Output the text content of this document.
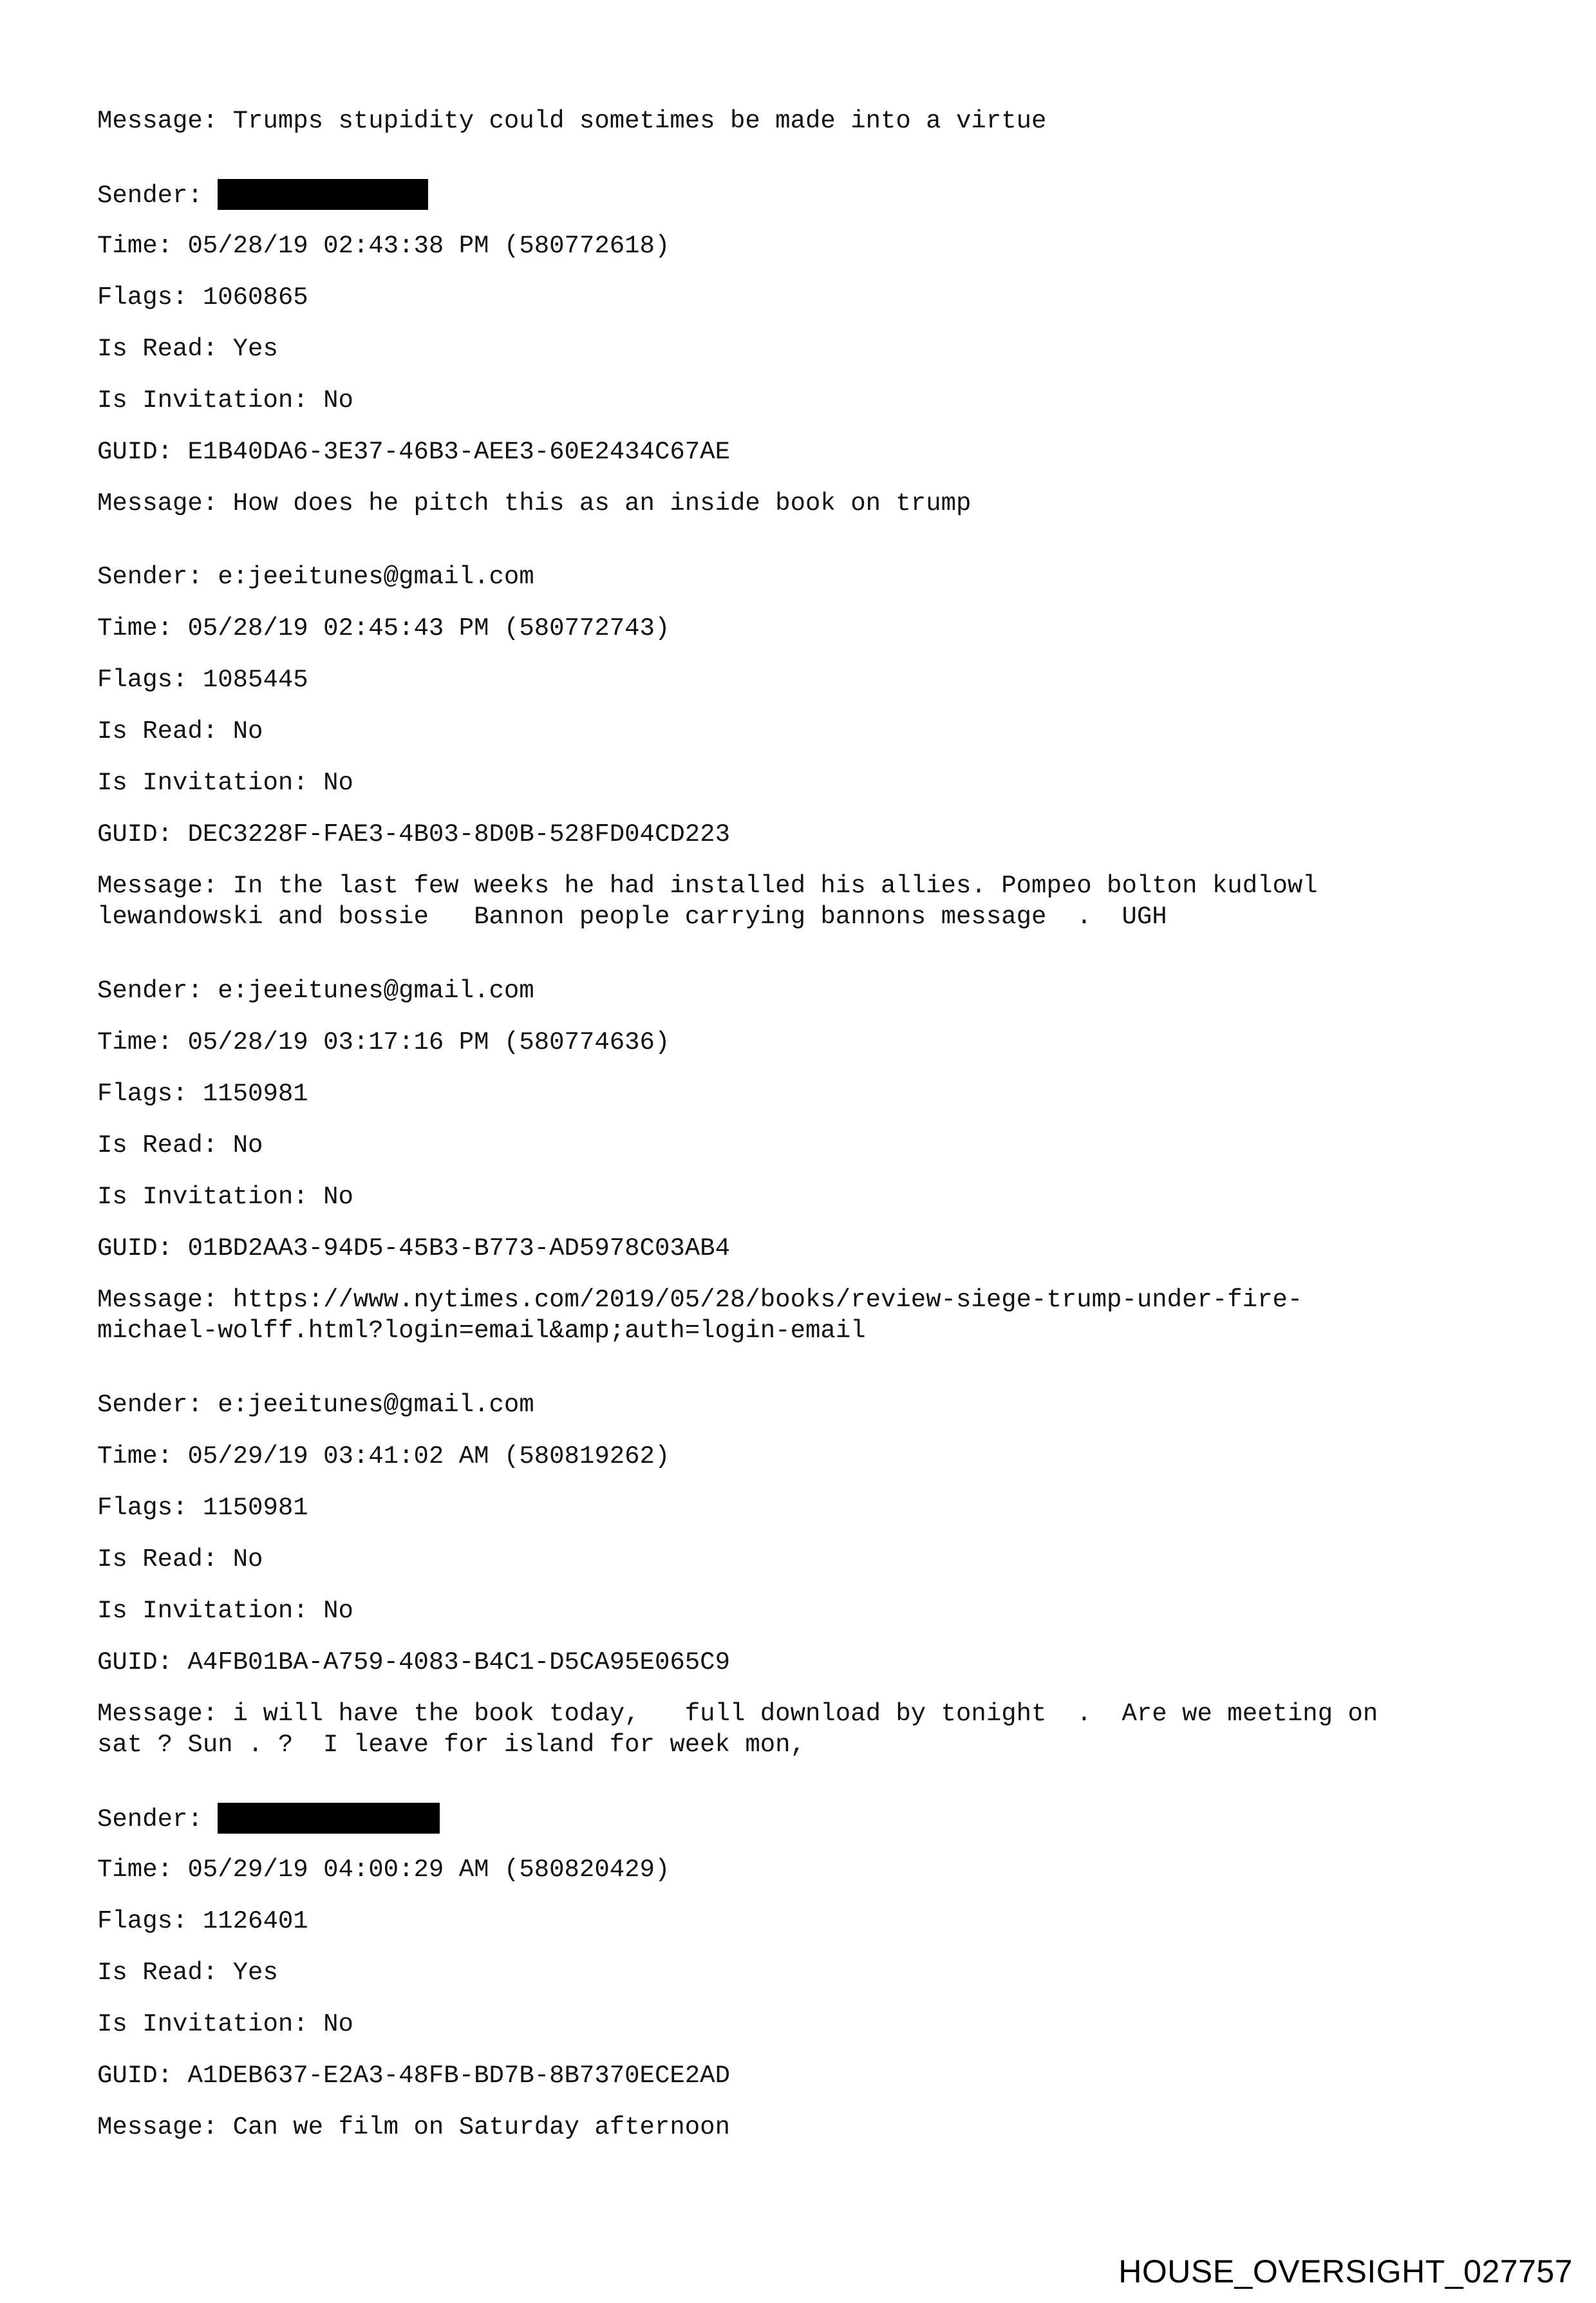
Message: Trumps stupidity could sometimes be made into a virtue
Sender:
Time: 05/28/19 02:43:38 PM (580772618)
Flags: 1060865
Is Read: Yes
Is Invitation: No
GUID: E1B40DA6-3E37-46B3-AEE3-60E2434C67AE
Message: How does he pitch this as an inside book on trump
Sender: e:jeeitunes@gmail.com
Time: 05/28/19 02:45:43 PM (580772743)
Flags: 1085445
Is Read: No
Is Invitation: No
GUID: DEC3228F-FAE3-4B03-8D0B-528FD04CD223
Message: In the last few weeks he had installed his allies. Pompeo bolton kudlowl
lewandowski and bossie   Bannon people carrying bannons message  .  UGH
Sender: e:jeeitunes@gmail.com
Time: 05/28/19 03:17:16 PM (580774636)
Flags: 1150981
Is Read: No
Is Invitation: No
GUID: 01BD2AA3-94D5-45B3-B773-AD5978C03AB4
Message: https://www.nytimes.com/2019/05/28/books/review-siege-trump-under-fire-
michael-wolff.html?login=email&amp;auth=login-email
Sender: e:jeeitunes@gmail.com
Time: 05/29/19 03:41:02 AM (580819262)
Flags: 1150981
Is Read: No
Is Invitation: No
GUID: A4FB01BA-A759-4083-B4C1-D5CA95E065C9
Message: i will have the book today,   full download by tonight  .  Are we meeting on
sat ? Sun . ?  I leave for island for week mon,
Sender:
Time: 05/29/19 04:00:29 AM (580820429)
Flags: 1126401
Is Read: Yes
Is Invitation: No
GUID: A1DEB637-E2A3-48FB-BD7B-8B7370ECE2AD
Message: Can we film on Saturday afternoon
HOUSE_OVERSIGHT_027757
